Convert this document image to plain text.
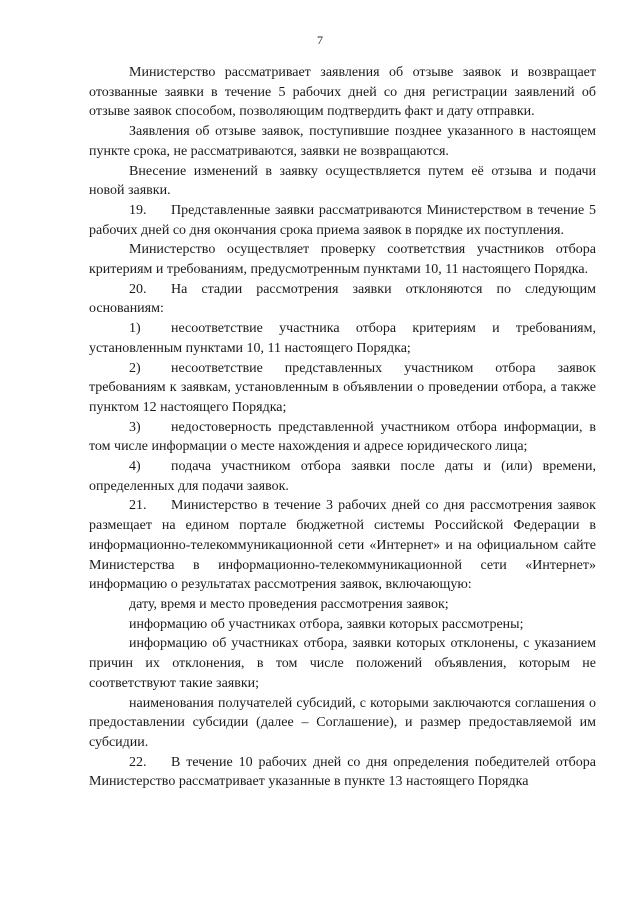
7

Министерство рассматривает заявления об отзыве заявок и возвращает отозванные заявки в течение 5 рабочих дней со дня регистрации заявлений об отзыве заявок способом, позволяющим подтвердить факт и дату отправки.

Заявления об отзыве заявок, поступившие позднее указанного в настоящем пункте срока, не рассматриваются, заявки не возвращаются.

Внесение изменений в заявку осуществляется путем её отзыва и подачи новой заявки.

19. Представленные заявки рассматриваются Министерством в течение 5 рабочих дней со дня окончания срока приема заявок в порядке их поступления.

Министерство осуществляет проверку соответствия участников отбора критериям и требованиям, предусмотренным пунктами 10, 11 настоящего Порядка.

20. На стадии рассмотрения заявки отклоняются по следующим основаниям:

1) несоответствие участника отбора критериям и требованиям, установленным пунктами 10, 11 настоящего Порядка;

2) несоответствие представленных участником отбора заявок требованиям к заявкам, установленным в объявлении о проведении отбора, а также пунктом 12 настоящего Порядка;

3) недостоверность представленной участником отбора информации, в том числе информации о месте нахождения и адресе юридического лица;

4) подача участником отбора заявки после даты и (или) времени, определенных для подачи заявок.

21. Министерство в течение 3 рабочих дней со дня рассмотрения заявок размещает на едином портале бюджетной системы Российской Федерации в информационно-телекоммуникационной сети «Интернет» и на официальном сайте Министерства в информационно-телекоммуникационной сети «Интернет» информацию о результатах рассмотрения заявок, включающую:

дату, время и место проведения рассмотрения заявок;

информацию об участниках отбора, заявки которых рассмотрены;

информацию об участниках отбора, заявки которых отклонены, с указанием причин их отклонения, в том числе положений объявления, которым не соответствуют такие заявки;

наименования получателей субсидий, с которыми заключаются соглашения о предоставлении субсидии (далее – Соглашение), и размер предоставляемой им субсидии.

22. В течение 10 рабочих дней со дня определения победителей отбора Министерство рассматривает указанные в пункте 13 настоящего Порядка
